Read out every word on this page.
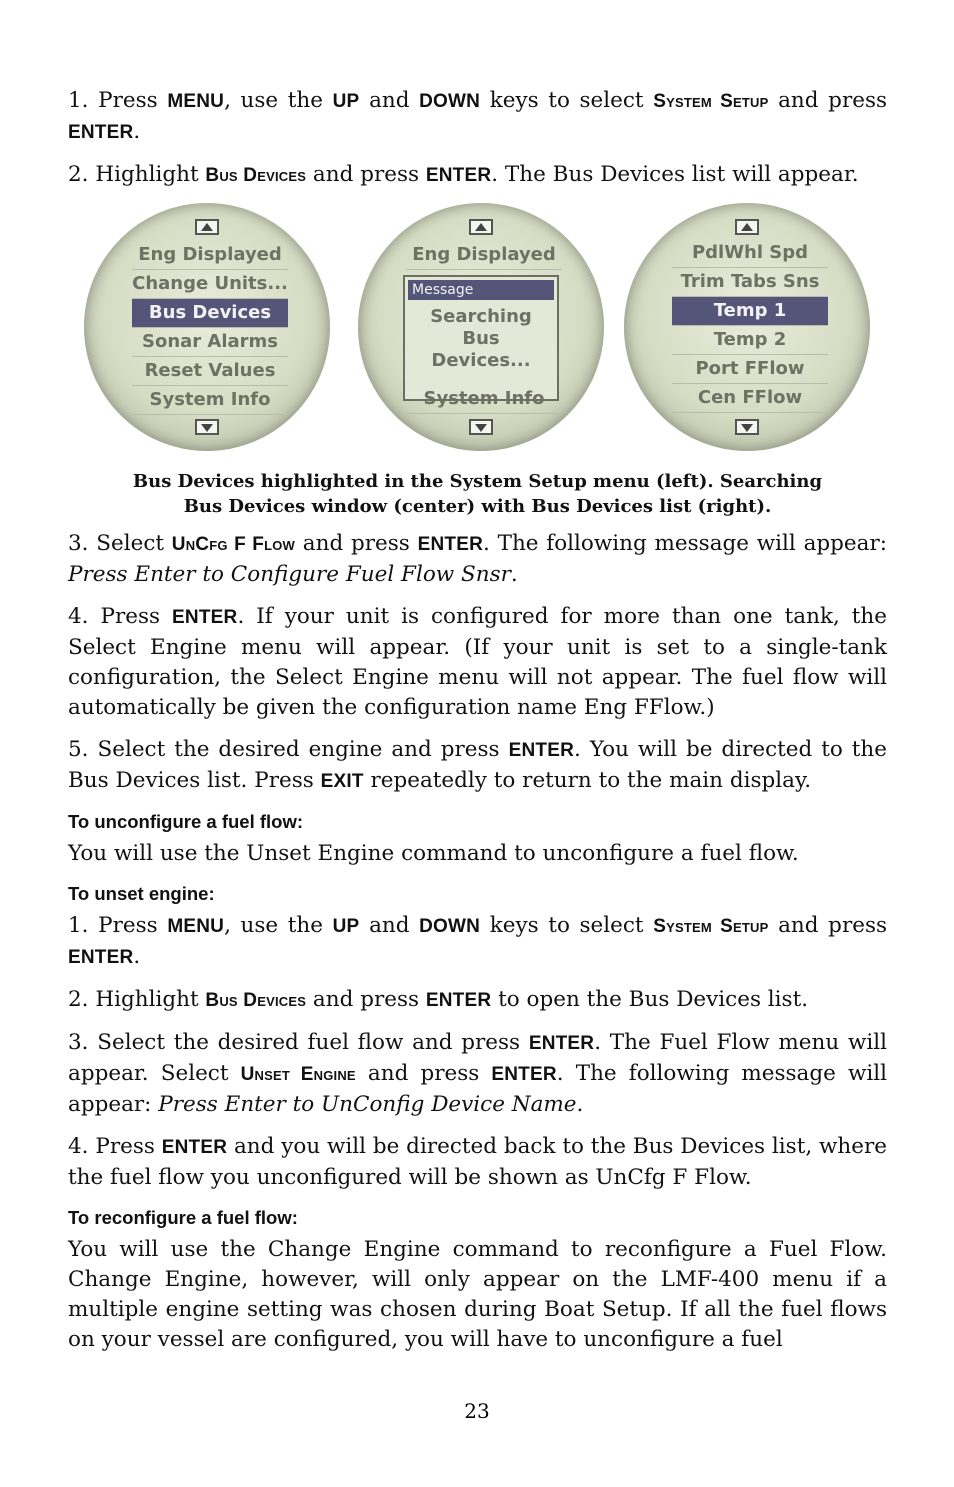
1. Press MENU, use the UP and DOWN keys to select System Setup and press ENTER.

2. Highlight Bus Devices and press ENTER. The Bus Devices list will appear.

Eng Displayed
Change Units...
Bus Devices
Sonar Alarms
Reset Values
System Info
Eng Displayed
Message
Searching
Bus
Devices...
System Info
PdlWhl Spd
Trim Tabs Sns
Temp 1
Temp 2
Port FFlow
Cen FFlow
Bus Devices highlighted in the System Setup menu (left). Searching
Bus Devices window (center) with Bus Devices list (right).

3. Select UnCfg F Flow and press ENTER. The following message will appear: Press Enter to Configure Fuel Flow Snsr.

4. Press ENTER. If your unit is configured for more than one tank, the Select Engine menu will appear. (If your unit is set to a single-tank configuration, the Select Engine menu will not appear. The fuel flow will automatically be given the configuration name Eng FFlow.)

5. Select the desired engine and press ENTER. You will be directed to the Bus Devices list. Press EXIT repeatedly to return to the main display.

To unconfigure a fuel flow:

You will use the Unset Engine command to unconfigure a fuel flow.

To unset engine:

1. Press MENU, use the UP and DOWN keys to select System Setup and press ENTER.

2. Highlight Bus Devices and press ENTER to open the Bus Devices list.

3. Select the desired fuel flow and press ENTER. The Fuel Flow menu will appear. Select Unset Engine and press ENTER. The following message will appear: Press Enter to UnConfig Device Name.

4. Press ENTER and you will be directed back to the Bus Devices list, where the fuel flow you unconfigured will be shown as UnCfg F Flow.

To reconfigure a fuel flow:

You will use the Change Engine command to reconfigure a Fuel Flow. Change Engine, however, will only appear on the LMF-400 menu if a multiple engine setting was chosen during Boat Setup. If all the fuel flows on your vessel are configured, you will have to unconfigure a fuel

23
